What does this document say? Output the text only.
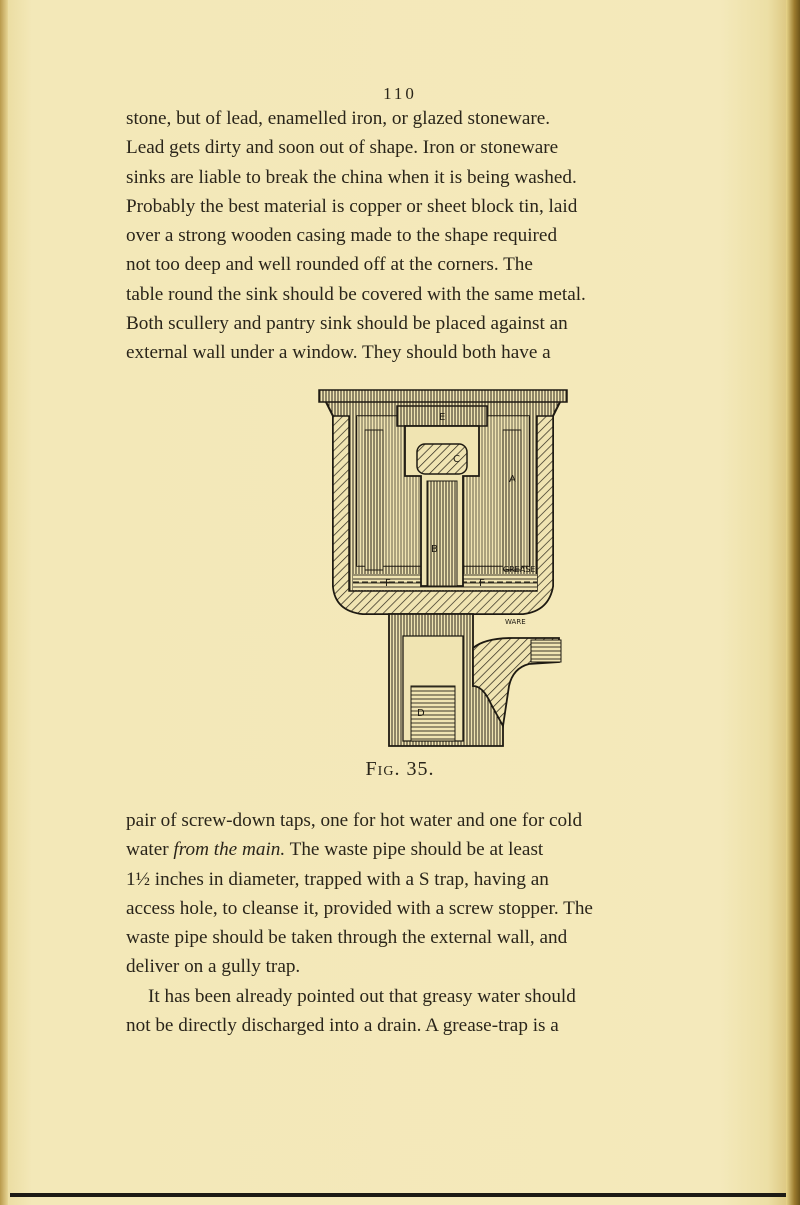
110

stone, but of lead, enamelled iron, or glazed stoneware.
Lead gets dirty and soon out of shape. Iron or stoneware
sinks are liable to break the china when it is being washed.
Probably the best material is copper or sheet block tin, laid
over a strong wooden casing made to the shape required
not too deep and well rounded off at the corners. The
table round the sink should be covered with the same metal.
Both scullery and pantry sink should be placed against an
external wall under a window. They should both have a

E
C
A
B
F	F
GREASE
WARE
D
Fig. 35.

pair of screw-down taps, one for hot water and one for cold
water from the main. The waste pipe should be at least
1½ inches in diameter, trapped with a S trap, having an
access hole, to cleanse it, provided with a screw stopper. The
waste pipe should be taken through the external wall, and
deliver on a gully trap.
It has been already pointed out that greasy water should
not be directly discharged into a drain. A grease-trap is a
